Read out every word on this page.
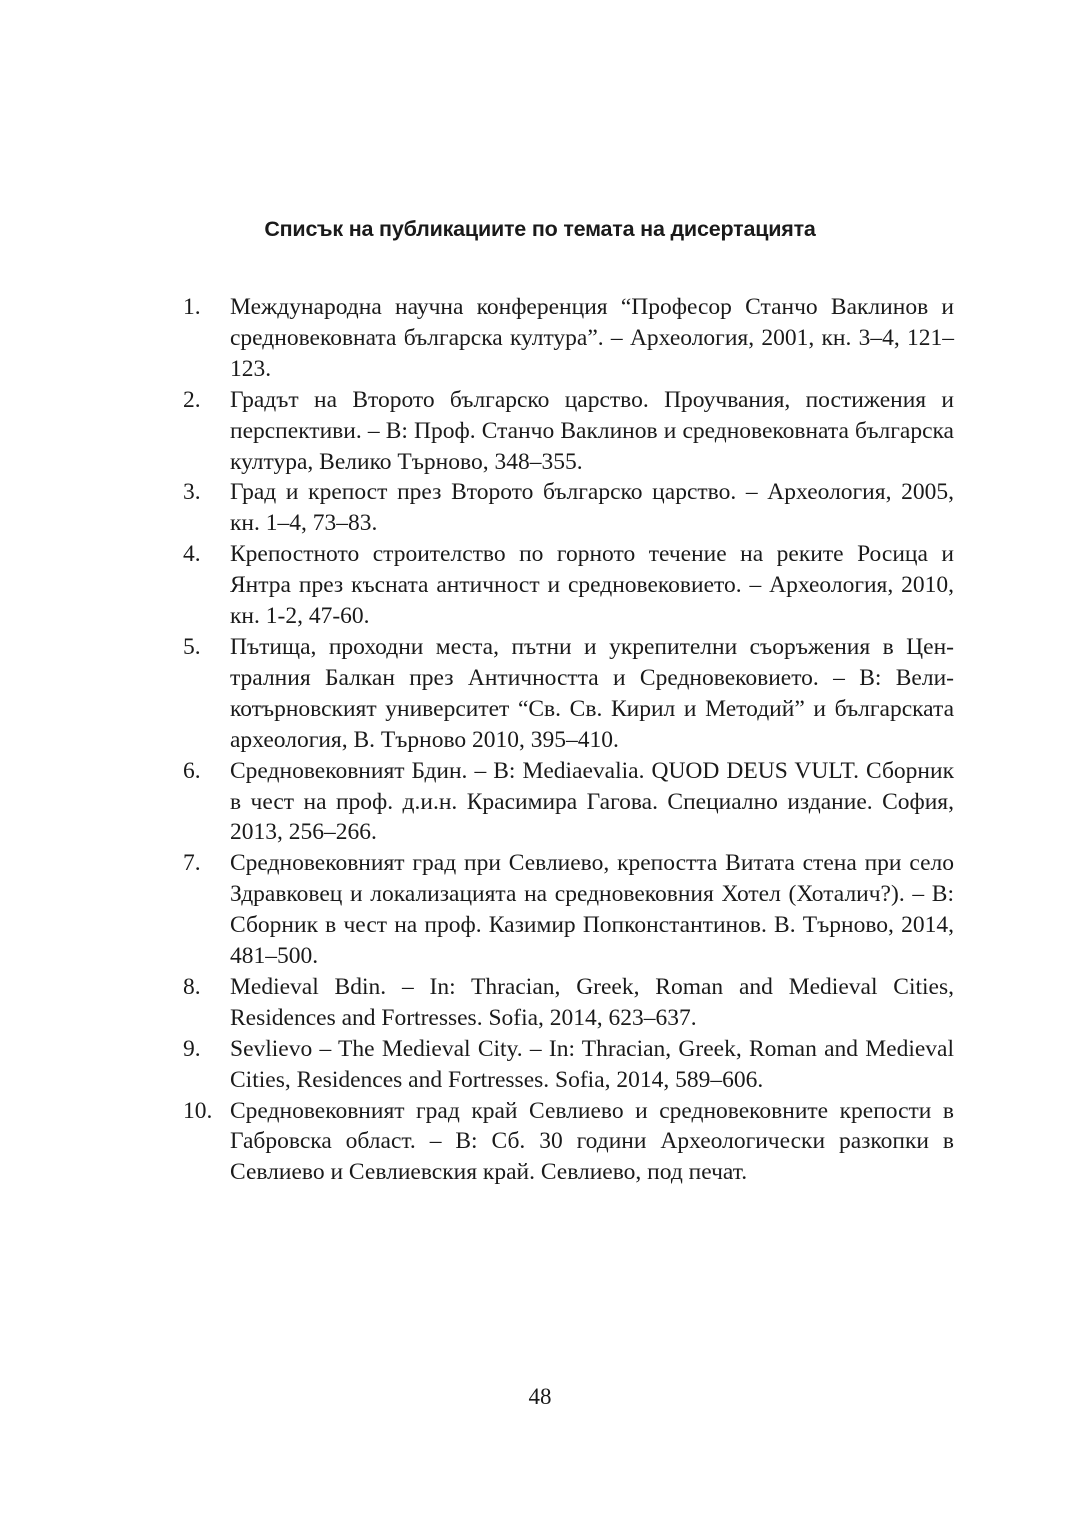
Списък на публикациите по темата на дисертацията
1. Международна научна конференция “Професор Станчо Ваклинов и средновековната българска култура”. – Археология, 2001, кн. 3–4, 121–123.
2. Градът на Второто българско царство. Проучвания, постижения и перспективи. – В: Проф. Станчо Ваклинов и средновековната българска култура, Велико Търново, 348–355.
3. Град и крепост през Второто българско царство. – Археология, 2005, кн. 1–4, 73–83.
4. Крепостното строителство по горното течение на реките Росица и Янтра през късната античност и средновековието. – Археология, 2010, кн. 1-2, 47-60.
5. Пътища, проходни места, пътни и укрепителни съоръжения в Централния Балкан през Античността и Средновековието. – В: Великотърновският университет “Св. Св. Кирил и Методий” и българската археология, В. Търново 2010, 395–410.
6. Средновековният Бдин. – В: Mediaevalia. QUOD DEUS VULT. Сборник в чест на проф. д.и.н. Красимира Гагова. Специално издание. София, 2013, 256–266.
7. Средновековният град при Севлиево, крепостта Витата стена при село Здравковец и локализацията на средновековния Хотел (Хоталич?). – В: Сборник в чест на проф. Казимир Попконстантинов. В. Търново, 2014, 481–500.
8. Medieval Bdin. – In: Thracian, Greek, Roman and Medieval Cities, Residences and Fortresses. Sofia, 2014, 623–637.
9. Sevlievo – The Medieval City. – In: Thracian, Greek, Roman and Medieval Cities, Residences and Fortresses. Sofia, 2014, 589–606.
10. Средновековният град край Севлиево и средновековните крепости в Габровска област. – В: Сб. 30 години Археологически разкопки в Севлиево и Севлиевския край. Севлиево, под печат.
48
